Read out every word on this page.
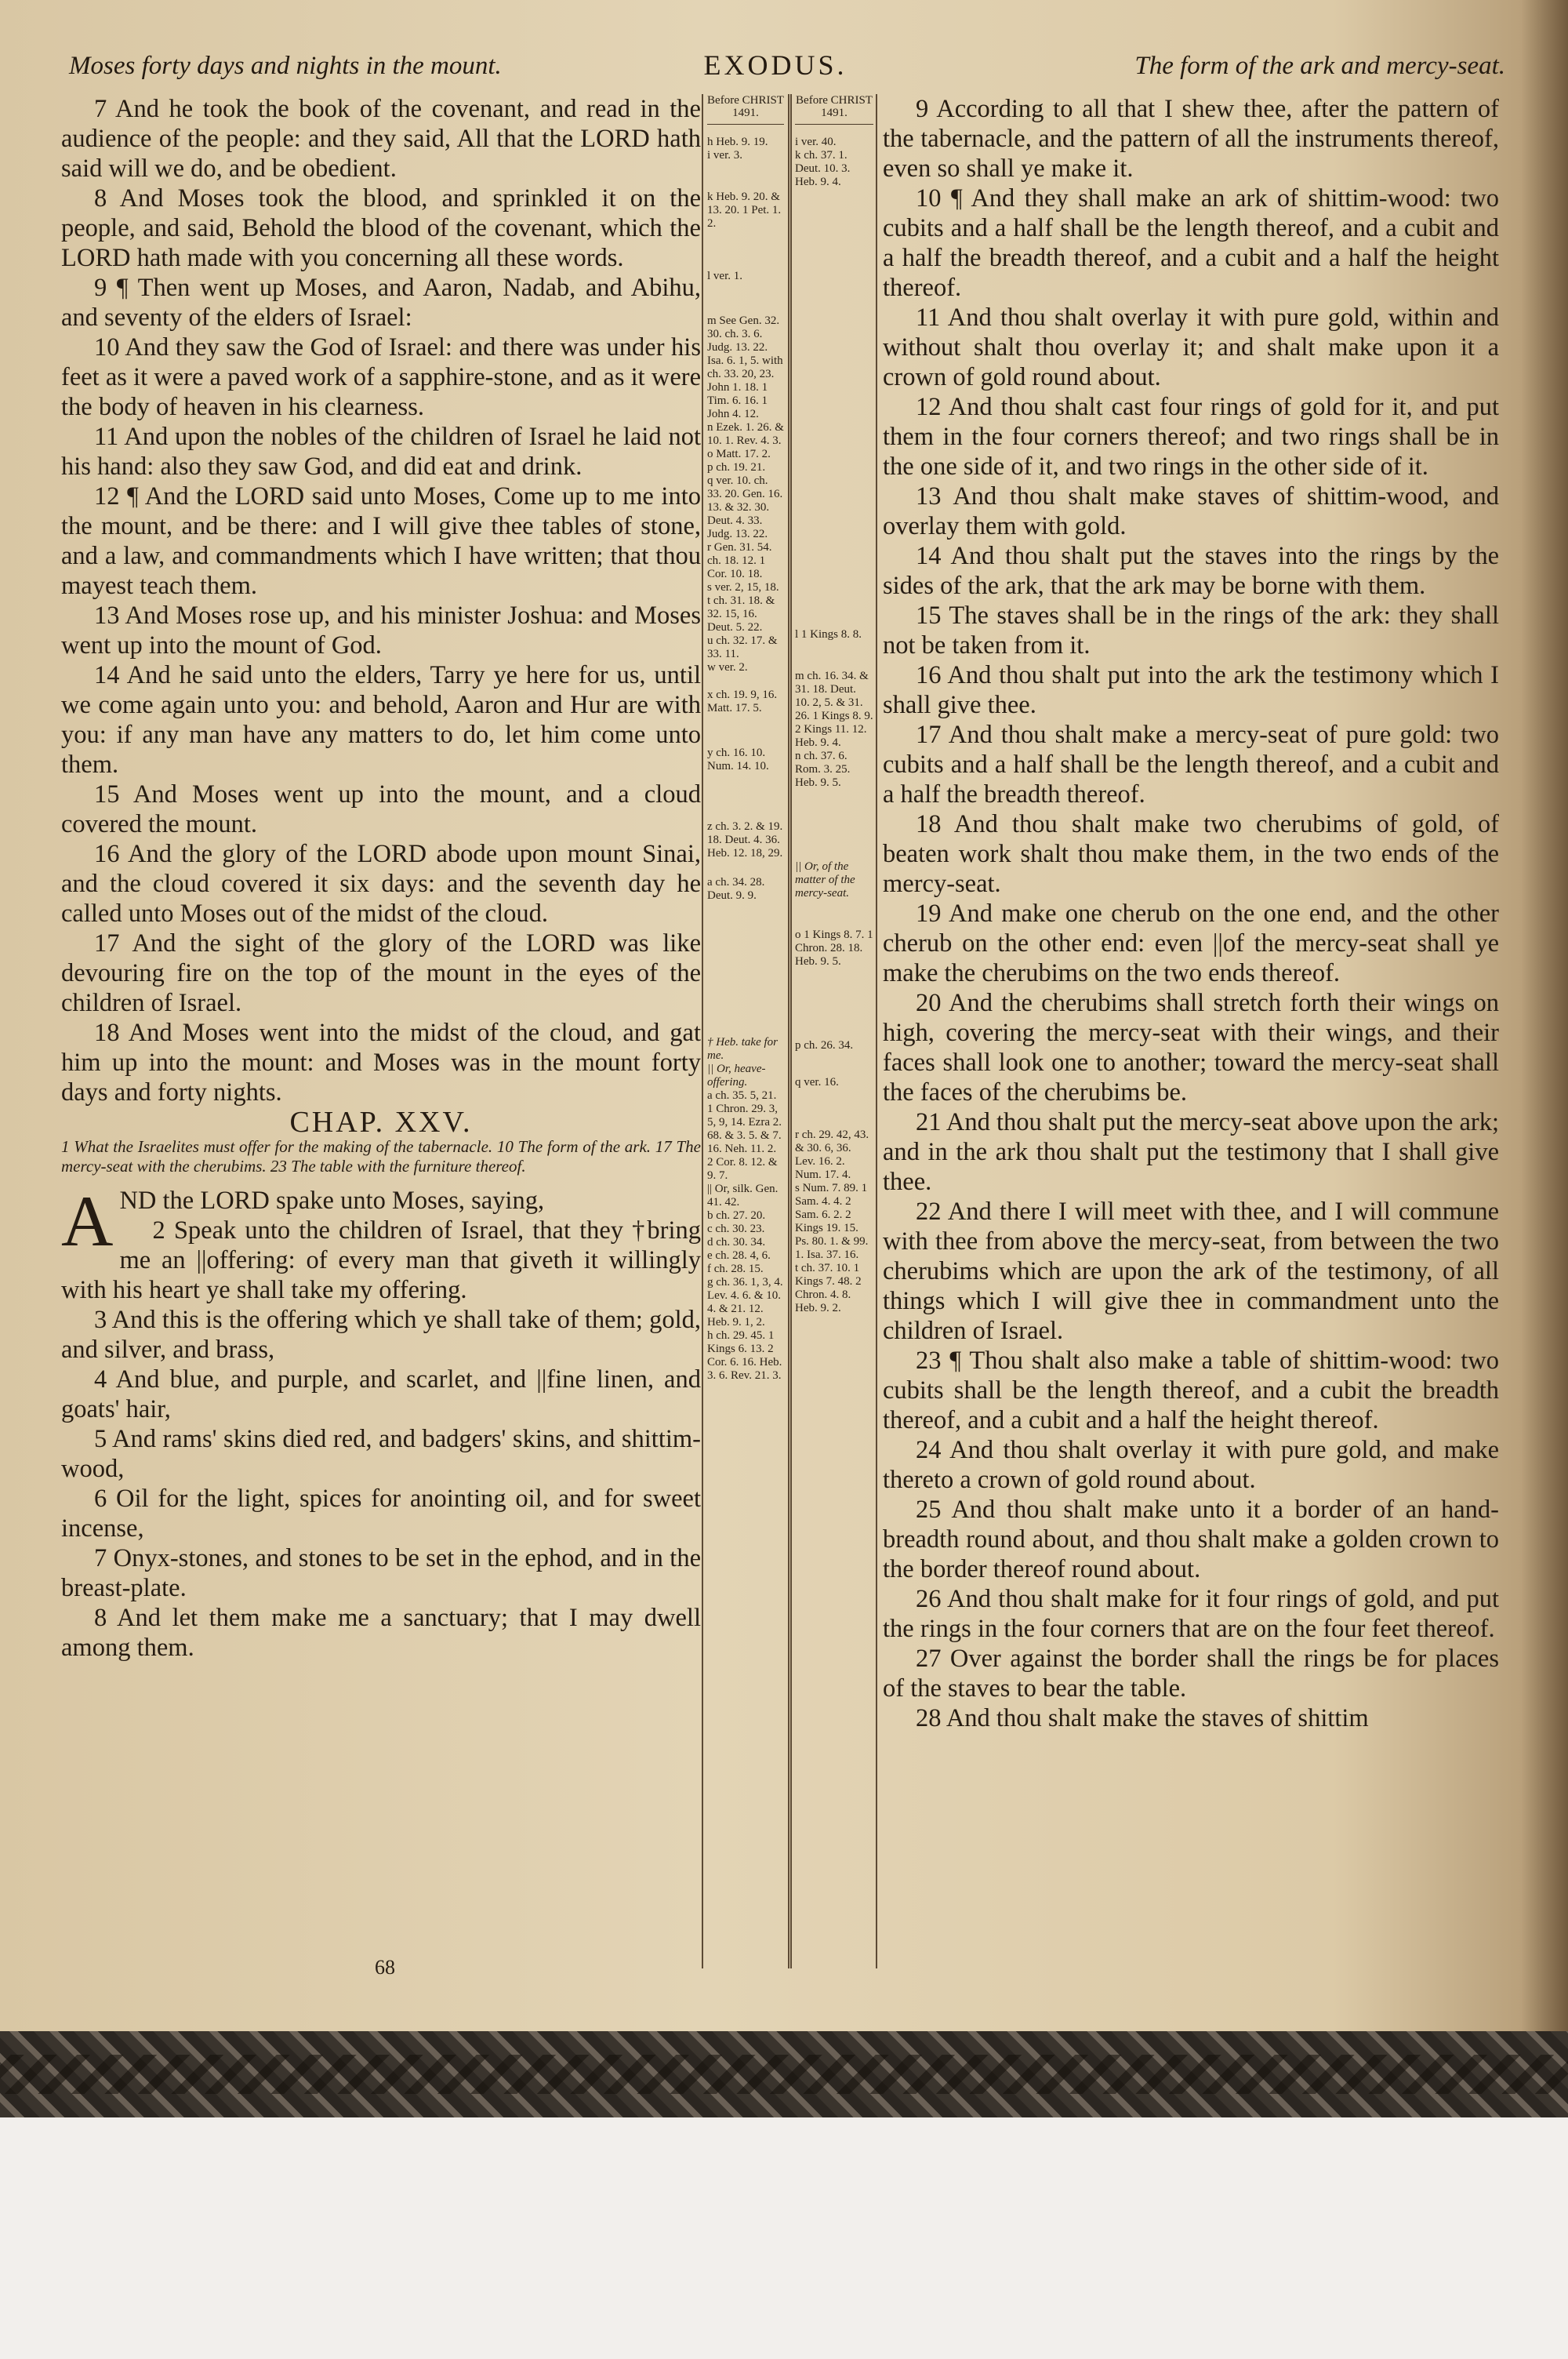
Moses forty days and nights in the mount.	EXODUS.	The form of the ark and mercy-seat.

7 And he took the book of the covenant, and read in the audience of the people: and they said, All that the LORD hath said will we do, and be obedient.

8 And Moses took the blood, and sprinkled it on the people, and said, Behold the blood of the covenant, which the LORD hath made with you concerning all these words.

9 ¶ Then went up Moses, and Aaron, Nadab, and Abihu, and seventy of the elders of Israel:

10 And they saw the God of Israel: and there was under his feet as it were a paved work of a sapphire-stone, and as it were the body of heaven in his clearness.

11 And upon the nobles of the children of Israel he laid not his hand: also they saw God, and did eat and drink.

12 ¶ And the LORD said unto Moses, Come up to me into the mount, and be there: and I will give thee tables of stone, and a law, and commandments which I have written; that thou mayest teach them.

13 And Moses rose up, and his minister Joshua: and Moses went up into the mount of God.

14 And he said unto the elders, Tarry ye here for us, until we come again unto you: and behold, Aaron and Hur are with you: if any man have any matters to do, let him come unto them.

15 And Moses went up into the mount, and a cloud covered the mount.

16 And the glory of the LORD abode upon mount Sinai, and the cloud covered it six days: and the seventh day he called unto Moses out of the midst of the cloud.

17 And the sight of the glory of the LORD was like devouring fire on the top of the mount in the eyes of the children of Israel.

18 And Moses went into the midst of the cloud, and gat him up into the mount: and Moses was in the mount forty days and forty nights.

CHAP. XXV.

1 What the Israelites must offer for the making of the tabernacle. 10 The form of the ark. 17 The mercy-seat with the cherubims. 23 The table with the furniture thereof.

AND the LORD spake unto Moses, saying,

2 Speak unto the children of Israel, that they †bring me an ||offering: of every man that giveth it willingly with his heart ye shall take my offering.

3 And this is the offering which ye shall take of them; gold, and silver, and brass,

4 And blue, and purple, and scarlet, and ||fine linen, and goats' hair,

5 And rams' skins died red, and badgers' skins, and shittim-wood,

6 Oil for the light, spices for anointing oil, and for sweet incense,

7 Onyx-stones, and stones to be set in the ephod, and in the breast-plate.

8 And let them make me a sanctuary; that I may dwell among them.

Before CHRIST 1491.
h Heb. 9. 19.
i ver. 3.
k Heb. 9. 20. & 13. 20. 1 Pet. 1. 2.
l ver. 1.
m See Gen. 32. 30. ch. 3. 6. Judg. 13. 22. Isa. 6. 1, 5. with ch. 33. 20, 23. John 1. 18. 1 Tim. 6. 16. 1 John 4. 12.
n Ezek. 1. 26. & 10. 1. Rev. 4. 3.
o Matt. 17. 2.
p ch. 19. 21.
q ver. 10. ch. 33. 20. Gen. 16. 13. & 32. 30. Deut. 4. 33. Judg. 13. 22.
r Gen. 31. 54. ch. 18. 12. 1 Cor. 10. 18.
s ver. 2, 15, 18.
t ch. 31. 18. & 32. 15, 16. Deut. 5. 22.
u ch. 32. 17. & 33. 11.
w ver. 2.
x ch. 19. 9, 16. Matt. 17. 5.
y ch. 16. 10. Num. 14. 10.
z ch. 3. 2. & 19. 18. Deut. 4. 36. Heb. 12. 18, 29.
a ch. 34. 28. Deut. 9. 9.
† Heb. take for me.
|| Or, heave-offering.
a ch. 35. 5, 21. 1 Chron. 29. 3, 5, 9, 14. Ezra 2. 68. & 3. 5. & 7. 16. Neh. 11. 2. 2 Cor. 8. 12. & 9. 7.
|| Or, silk. Gen. 41. 42.
b ch. 27. 20.
c ch. 30. 23.
d ch. 30. 34.
e ch. 28. 4, 6.
f ch. 28. 15.
g ch. 36. 1, 3, 4. Lev. 4. 6. & 10. 4. & 21. 12. Heb. 9. 1, 2.
h ch. 29. 45. 1 Kings 6. 13. 2 Cor. 6. 16. Heb. 3. 6. Rev. 21. 3.
Before CHRIST 1491.
i ver. 40.
k ch. 37. 1. Deut. 10. 3. Heb. 9. 4.
l 1 Kings 8. 8.
m ch. 16. 34. & 31. 18. Deut. 10. 2, 5. & 31. 26. 1 Kings 8. 9. 2 Kings 11. 12. Heb. 9. 4.
n ch. 37. 6. Rom. 3. 25. Heb. 9. 5.
|| Or, of the matter of the mercy-seat.
o 1 Kings 8. 7. 1 Chron. 28. 18. Heb. 9. 5.
p ch. 26. 34.
q ver. 16.
r ch. 29. 42, 43. & 30. 6, 36. Lev. 16. 2. Num. 17. 4.
s Num. 7. 89. 1 Sam. 4. 4. 2 Sam. 6. 2. 2 Kings 19. 15. Ps. 80. 1. & 99. 1. Isa. 37. 16.
t ch. 37. 10. 1 Kings 7. 48. 2 Chron. 4. 8. Heb. 9. 2.

9 According to all that I shew thee, after the pattern of the tabernacle, and the pattern of all the instruments thereof, even so shall ye make it.

10 ¶ And they shall make an ark of shittim-wood: two cubits and a half shall be the length thereof, and a cubit and a half the breadth thereof, and a cubit and a half the height thereof.

11 And thou shalt overlay it with pure gold, within and without shalt thou overlay it; and shalt make upon it a crown of gold round about.

12 And thou shalt cast four rings of gold for it, and put them in the four corners thereof; and two rings shall be in the one side of it, and two rings in the other side of it.

13 And thou shalt make staves of shittim-wood, and overlay them with gold.

14 And thou shalt put the staves into the rings by the sides of the ark, that the ark may be borne with them.

15 The staves shall be in the rings of the ark: they shall not be taken from it.

16 And thou shalt put into the ark the testimony which I shall give thee.

17 And thou shalt make a mercy-seat of pure gold: two cubits and a half shall be the length thereof, and a cubit and a half the breadth thereof.

18 And thou shalt make two cherubims of gold, of beaten work shalt thou make them, in the two ends of the mercy-seat.

19 And make one cherub on the one end, and the other cherub on the other end: even ||of the mercy-seat shall ye make the cherubims on the two ends thereof.

20 And the cherubims shall stretch forth their wings on high, covering the mercy-seat with their wings, and their faces shall look one to another; toward the mercy-seat shall the faces of the cherubims be.

21 And thou shalt put the mercy-seat above upon the ark; and in the ark thou shalt put the testimony that I shall give thee.

22 And there I will meet with thee, and I will commune with thee from above the mercy-seat, from between the two cherubims which are upon the ark of the testimony, of all things which I will give thee in commandment unto the children of Israel.

23 ¶ Thou shalt also make a table of shittim-wood: two cubits shall be the length thereof, and a cubit the breadth thereof, and a cubit and a half the height thereof.

24 And thou shalt overlay it with pure gold, and make thereto a crown of gold round about.

25 And thou shalt make unto it a border of an hand-breadth round about, and thou shalt make a golden crown to the border thereof round about.

26 And thou shalt make for it four rings of gold, and put the rings in the four corners that are on the four feet thereof.

27 Over against the border shall the rings be for places of the staves to bear the table.

28 And thou shalt make the staves of shittim

68
